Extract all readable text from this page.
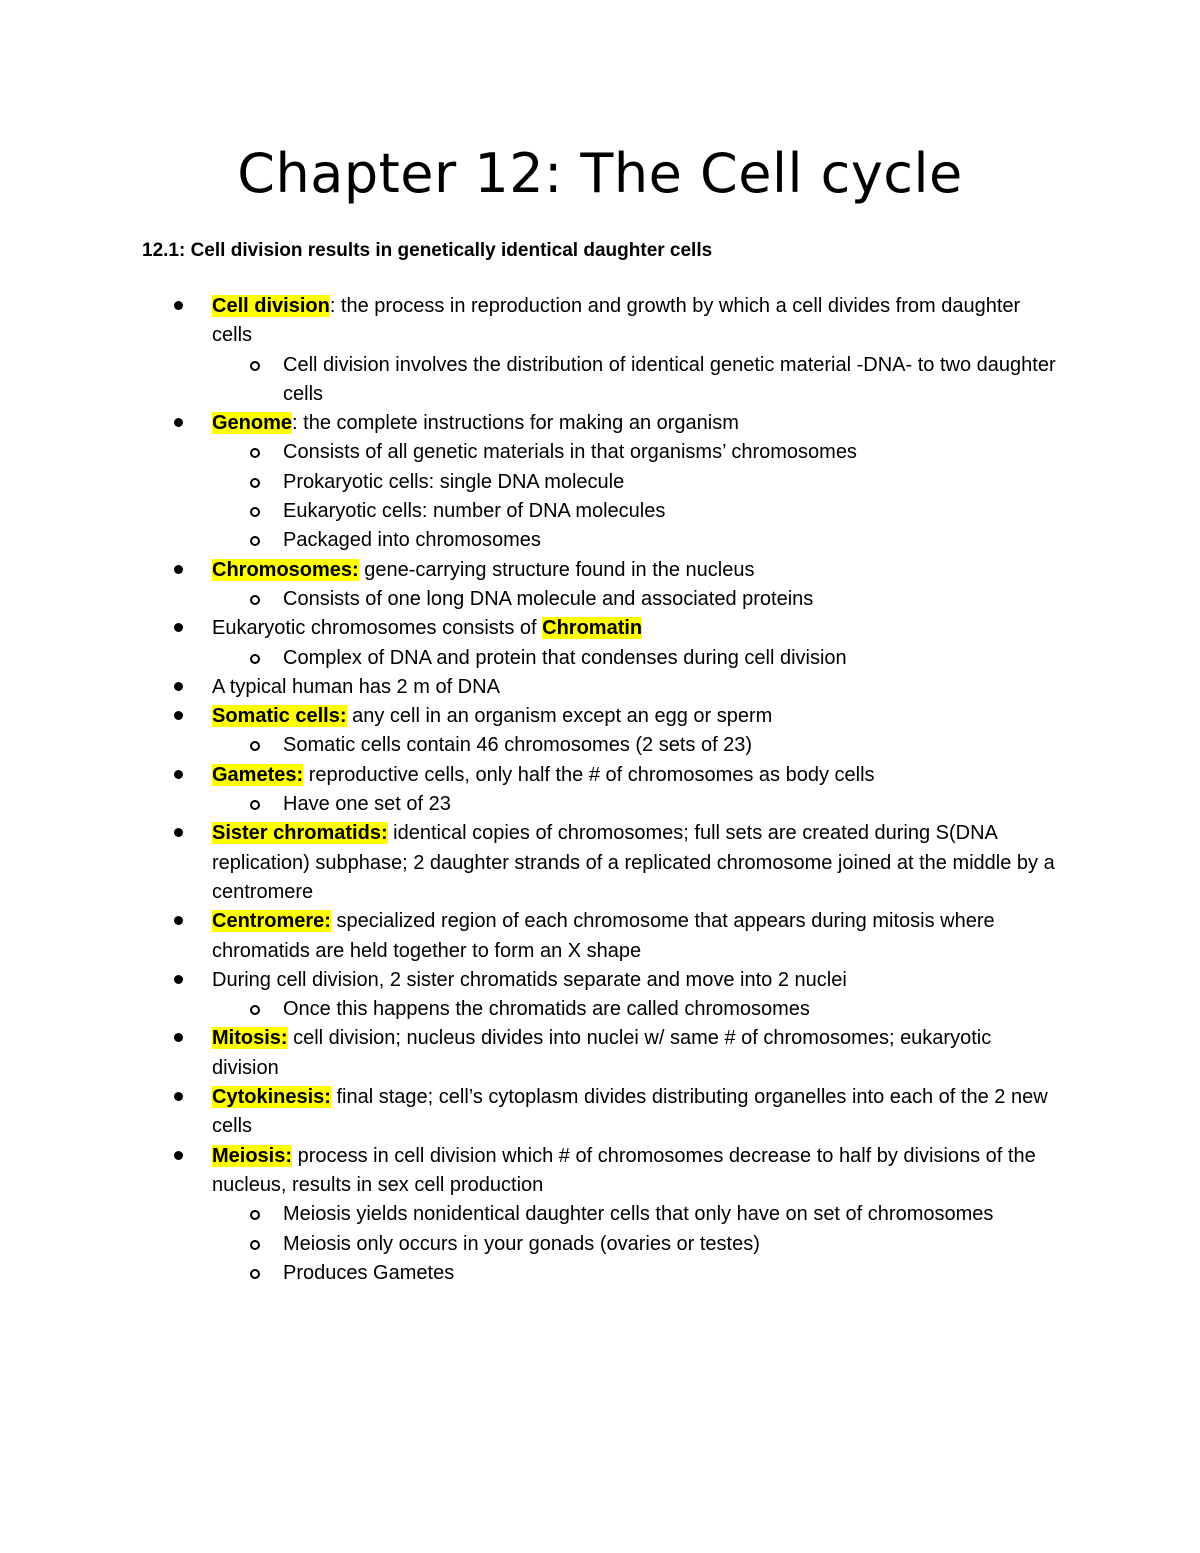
Chapter 12: The Cell cycle
12.1: Cell division results in genetically identical daughter cells
Cell division: the process in reproduction and growth by which a cell divides from daughter cells
Cell division involves the distribution of identical genetic material -DNA- to two daughter cells
Genome: the complete instructions for making an organism
Consists of all genetic materials in that organisms’ chromosomes
Prokaryotic cells: single DNA molecule
Eukaryotic cells: number of DNA molecules
Packaged into chromosomes
Chromosomes: gene-carrying structure found in the nucleus
Consists of one long DNA molecule and associated proteins
Eukaryotic chromosomes consists of Chromatin
Complex of DNA and protein that condenses during cell division
A typical human has 2 m of DNA
Somatic cells: any cell in an organism except an egg or sperm
Somatic cells contain 46 chromosomes (2 sets of 23)
Gametes: reproductive cells, only half the # of chromosomes as body cells
Have one set of 23
Sister chromatids: identical copies of chromosomes; full sets are created during S(DNA replication) subphase; 2 daughter strands of a replicated chromosome joined at the middle by a centromere
Centromere: specialized region of each chromosome that appears during mitosis where chromatids are held together to form an X shape
During cell division, 2 sister chromatids separate and move into 2 nuclei
Once this happens the chromatids are called chromosomes
Mitosis: cell division; nucleus divides into nuclei w/ same # of chromosomes; eukaryotic division
Cytokinesis: final stage; cell’s cytoplasm divides distributing organelles into each of the 2 new cells
Meiosis: process in cell division which # of chromosomes decrease to half by divisions of the nucleus, results in sex cell production
Meiosis yields nonidentical daughter cells that only have on set of chromosomes
Meiosis only occurs in your gonads (ovaries or testes)
Produces Gametes
